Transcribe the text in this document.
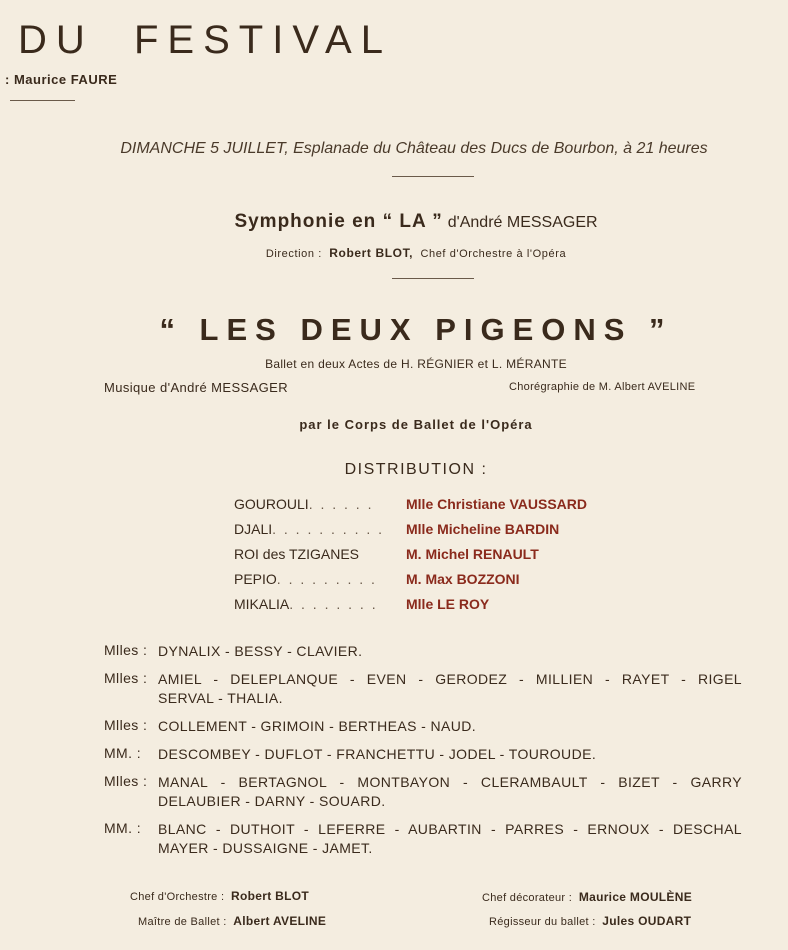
DU  FESTIVAL
: Maurice FAURE
DIMANCHE 5 JUILLET, Esplanade du Château des Ducs de Bourbon, à 21 heures
Symphonie en “ LA ” d'André MESSAGER
Direction : Robert BLOT, Chef d'Orchestre à l'Opéra
“ LES DEUX PIGEONS ”
Ballet en deux Actes de H. RÉGNIER et L. MÉRANTE
Musique d'André MESSAGER	Chorégraphie de M. Albert AVELINE
par le Corps de Ballet de l'Opéra
DISTRIBUTION :
GOUROULI. . . . . . Mlle Christiane VAUSSARD
DJALI. . . . . . . . . . Mlle Micheline BARDIN
ROI des TZIGANES	M. Michel RENAULT
PEPIO. . . . . . . . . M. Max BOZZONI
MIKALIA. . . . . . . . Mlle LE ROY
Mlles : DYNALIX - BESSY - CLAVIER.
Mlles : AMIEL - DELEPLANQUE - EVEN - GERODEZ - MILLIEN - RAYET - RIGEL
SERVAL - THALIA.
Mlles : COLLEMENT - GRIMOIN - BERTHEAS - NAUD.
MM. :	DESCOMBEY - DUFLOT - FRANCHETTU - JODEL - TOUROUDE.
Mlles : MANAL - BERTAGNOL - MONTBAYON - CLERAMBAULT - BIZET - GARRY
DELAUBIER - DARNY - SOUARD.
MM. :	BLANC - DUTHOIT - LEFERRE - AUBARTIN - PARRES - ERNOUX - DESCHAL
MAYER - DUSSAIGNE - JAMET.
Chef d'Orchestre : Robert BLOT	Chef décorateur : Maurice MOULÈNE
Maître de Ballet : Albert AVELINE	Régisseur du ballet : Jules OUDART
